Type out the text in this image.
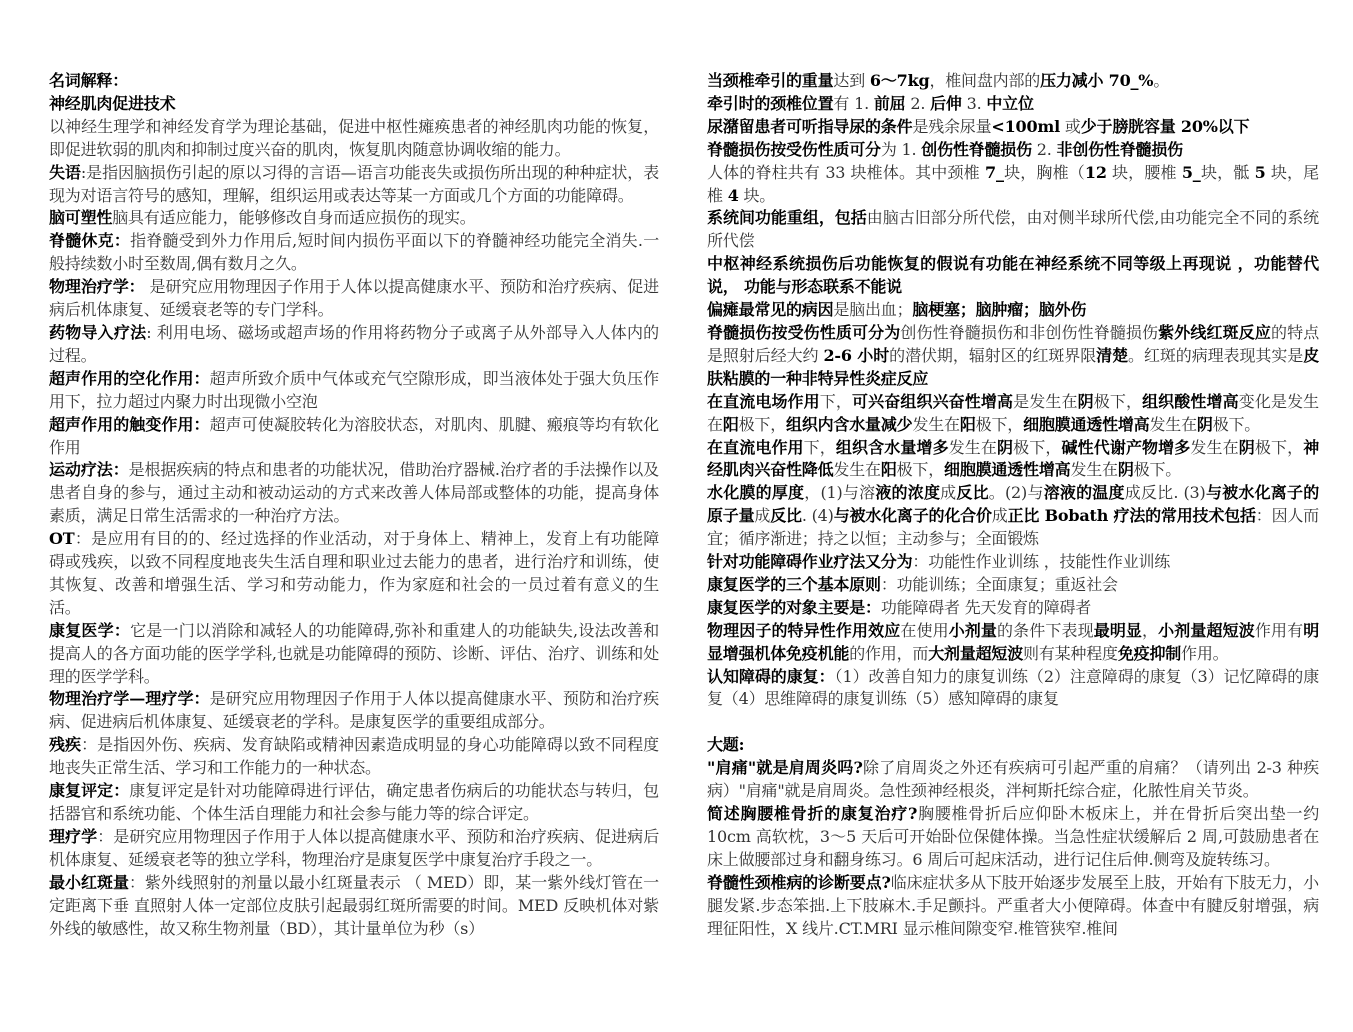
名词解释：
神经肌肉促进技术
以神经生理学和神经发育学为理论基础，促进中枢性瘫痪患者的神经肌肉功能的恢复，即促进软弱的肌肉和抑制过度兴奋的肌肉，恢复肌肉随意协调收缩的能力。
失语:是指因脑损伤引起的原以习得的言语—语言功能丧失或损伤所出现的种种症状，表现为对语言符号的感知，理解，组织运用或表达等某一方面或几个方面的功能障碍。
脑可塑性脑具有适应能力，能够修改自身而适应损伤的现实。
脊髓休克：指脊髓受到外力作用后,短时间内损伤平面以下的脊髓神经功能完全消失.一般持续数小时至数周,偶有数月之久。
物理治疗学： 是研究应用物理因子作用于人体以提高健康水平、预防和治疗疾病、促进病后机体康复、延缓衰老等的专门学科。
药物导入疗法: 利用电场、磁场或超声场的作用将药物分子或离子从外部导入人体内的过程。
超声作用的空化作用：超声所致介质中气体或充气空隙形成，即当液体处于强大负压作用下，拉力超过内聚力时出现微小空泡
超声作用的触变作用：超声可使凝胶转化为溶胶状态，对肌肉、肌腱、瘢痕等均有软化作用
运动疗法：是根据疾病的特点和患者的功能状况，借助治疗器械.治疗者的手法操作以及患者自身的参与，通过主动和被动运动的方式来改善人体局部或整体的功能，提高身体素质，满足日常生活需求的一种治疗方法。
OT：是应用有目的的、经过选择的作业活动，对于身体上、精神上，发育上有功能障碍或残疾，以致不同程度地丧失生活自理和职业过去能力的患者，进行治疗和训练，使其恢复、改善和增强生活、学习和劳动能力，作为家庭和社会的一员过着有意义的生活。
康复医学：它是一门以消除和减轻人的功能障碍,弥补和重建人的功能缺失,设法改善和提高人的各方面功能的医学学科,也就是功能障碍的预防、诊断、评估、治疗、训练和处理的医学学科。
物理治疗学—理疗学：是研究应用物理因子作用于人体以提高健康水平、预防和治疗疾病、促进病后机体康复、延缓衰老的学科。是康复医学的重要组成部分。
残疾：是指因外伤、疾病、发育缺陷或精神因素造成明显的身心功能障碍以致不同程度地丧失正常生活、学习和工作能力的一种状态。
康复评定：康复评定是针对功能障碍进行评估，确定患者伤病后的功能状态与转归，包括器官和系统功能、个体生活自理能力和社会参与能力等的综合评定。
理疗学：是研究应用物理因子作用于人体以提高健康水平、预防和治疗疾病、促进病后机体康复、延缓衰老等的独立学科，物理治疗是康复医学中康复治疗手段之一。
最小红斑量：紫外线照射的剂量以最小红斑量表示 （ MED）即，某一紫外线灯管在一定距离下垂 直照射人体一定部位皮肤引起最弱红斑所需要的时间。MED 反映机体对紫外线的敏感性，故又称生物剂量（BD），其计量单位为秒（s）
当颈椎牵引的重量达到 6～7kg，椎间盘内部的压力减小 70_%。
牵引时的颈椎位置有 1. 前屈 2. 后伸 3. 中立位
尿潴留患者可听指导尿的条件是残余尿量<100ml 或少于膀胱容量 20%以下
脊髓损伤按受伤性质可分为 1. 创伤性脊髓损伤 2. 非创伤性脊髓损伤
人体的脊柱共有 33 块椎体。其中颈椎 7_块，胸椎（12 块，腰椎 5_块，骶 5 块，尾椎 4 块。
系统间功能重组，包括由脑古旧部分所代偿，由对侧半球所代偿,由功能完全不同的系统所代偿
中枢神经系统损伤后功能恢复的假说有功能在神经系统不同等级上再现说 ，功能替代说， 功能与形态联系不能说
偏瘫最常见的病因是脑出血；脑梗塞；脑肿瘤；脑外伤
脊髓损伤按受伤性质可分为创伤性脊髓损伤和非创伤性脊髓损伤紫外线红斑反应的特点是照射后经大约 2-6 小时的潜伏期，辐射区的红斑界限清楚。红斑的病理表现其实是皮肤粘膜的一种非特异性炎症反应
在直流电场作用下，可兴奋组织兴奋性增高是发生在阴极下，组织酸性增高变化是发生在阳极下，组织内含水量减少发生在阳极下，细胞膜通透性增高发生在阴极下。
在直流电作用下，组织含水量增多发生在阴极下，碱性代谢产物增多发生在阴极下，神经肌肉兴奋性降低发生在阳极下，细胞膜通透性增高发生在阴极下。
水化膜的厚度，(1)与溶液的浓度成反比。(2)与溶液的温度成反比. (3)与被水化离子的原子量成反比. (4)与被水化离子的化合价成正比 Bobath 疗法的常用技术包括：因人而宜；循序渐进；持之以恒；主动参与；全面锻炼
针对功能障碍作业疗法又分为：功能性作业训练 ，技能性作业训练
康复医学的三个基本原则：功能训练；全面康复；重返社会
康复医学的对象主要是：功能障碍者 先天发育的障碍者
物理因子的特异性作用效应在使用小剂量的条件下表现最明显，小剂量超短波作用有明显增强机体免疫机能的作用，而大剂量超短波则有某种程度免疫抑制作用。
认知障碍的康复：（1）改善自知力的康复训练（2）注意障碍的康复（3）记忆障碍的康复（4）思维障碍的康复训练（5）感知障碍的康复
大题:
"肩痛"就是肩周炎吗?除了肩周炎之外还有疾病可引起严重的肩痛？（请列出 2-3 种疾病）"肩痛"就是肩周炎。急性颈神经根炎，泮柯斯托综合症，化脓性肩关节炎。
简述胸腰椎骨折的康复治疗?胸腰椎骨折后应仰卧木板床上，并在骨折后突出垫一约 10cm 高软枕，3～5 天后可开始卧位保健体操。当急性症状缓解后 2 周,可鼓励患者在床上做腰部过身和翻身练习。6 周后可起床活动，进行记住后伸.侧弯及旋转练习。
脊髓性颈椎病的诊断要点?临床症状多从下肢开始逐步发展至上肢，开始有下肢无力，小腿发紧.步态笨拙.上下肢麻木.手足颤抖。严重者大小便障碍。体查中有腱反射增强，病理征阳性，X 线片.CT.MRI 显示椎间隙变窄.椎管狭窄.椎间
